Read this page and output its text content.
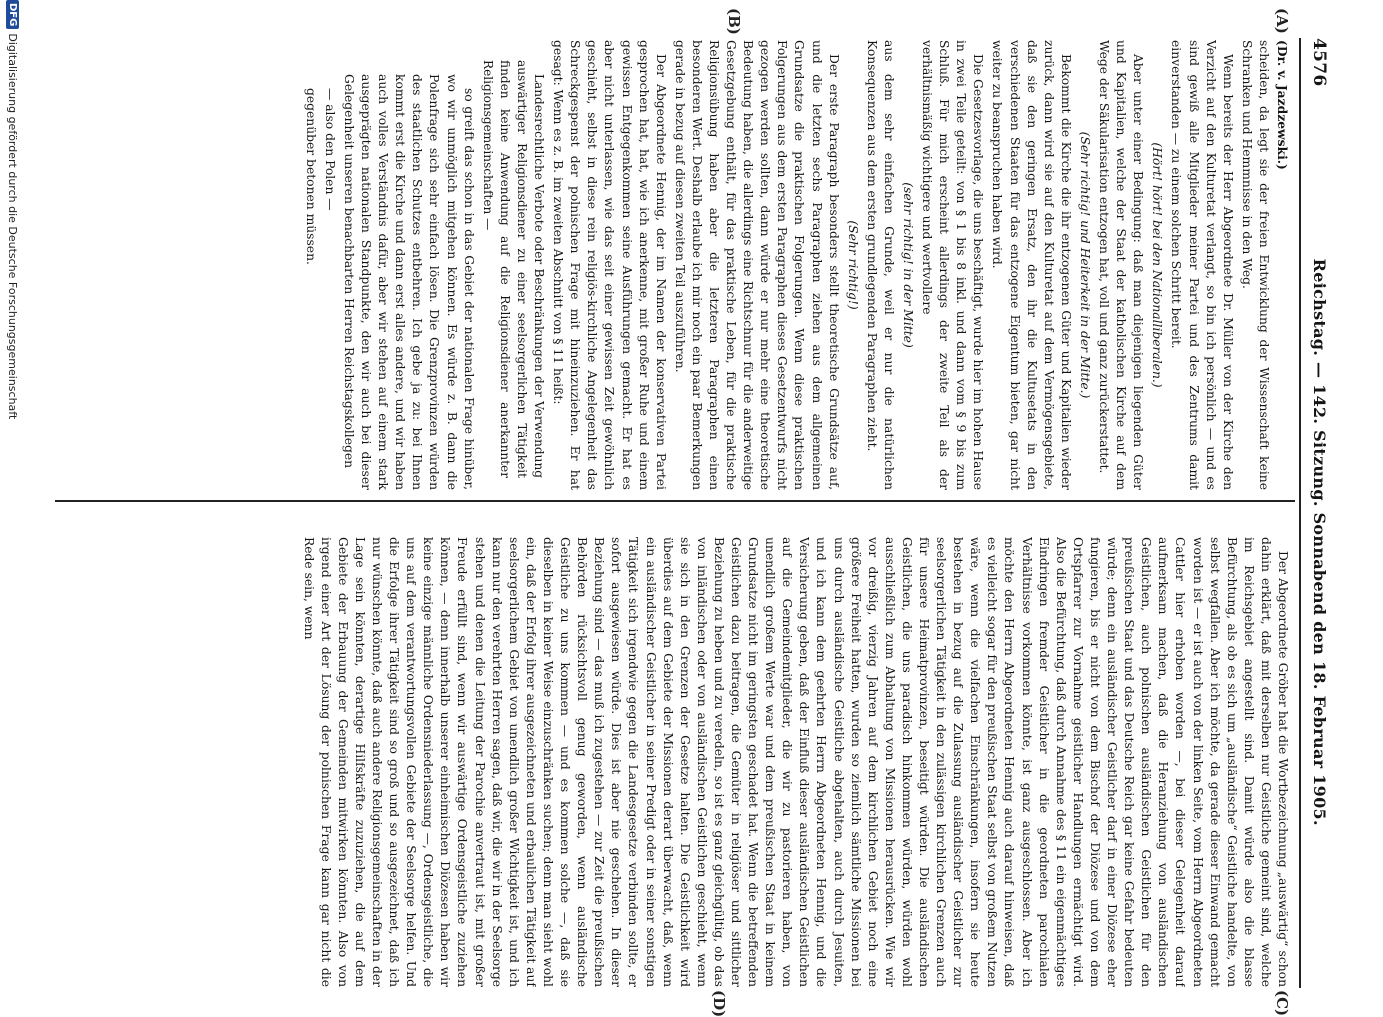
4576
Reichstag. — 142. Sitzung. Sonnabend den 18. Februar 1905.
(A)
(B)
(C)
(D)

(Dr. v. Jazdzewski.)

scheiden, da legt sie der freien Entwicklung der Wissenschaft keine Schranken und Hemmnisse in den Weg.

Wenn bereits der Herr Abgeordnete Dr. Müller von der Kirche den Verzicht auf den Kulturetat verlangt, so bin ich persönlich — und es sind gewiß alle Mitglieder meiner Partei und des Zentrums damit einverstanden — zu einem solchen Schritt bereit.

(Hört! hört! bei den Nationalliberalen.)

Aber unter einer Bedingung: daß man diejenigen liegenden Güter und Kapitalien, welche der Staat der katholischen Kirche auf dem Wege der Säkularisation entzogen hat, voll und ganz zurückerstattet.

(Sehr richtig! und Heiterkeit in der Mitte.)

Bekommt die Kirche die ihr entzogenen Güter und Kapitalien wieder zurück, dann wird sie auf den Kulturetat auf dem Vermögensgebiete, daß sie den geringen Ersatz, den ihr die Kultusetats in den verschiedenen Staaten für das entzogene Eigentum bieten, gar nicht weiter zu beanspruchen haben wird.

Die Gesetzesvorlage, die uns beschäftigt, wurde hier im hohen Hause in zwei Teile geteilt: von § 1 bis 8 inkl. und dann vom § 9 bis zum Schluß. Für mich erscheint allerdings der zweite Teil als der verhältnismäßig wichtigere und wertvollere

(sehr richtig! in der Mitte)

aus dem sehr einfachen Grunde, weil er nur die natürlichen Konsequenzen aus dem ersten grundlegenden Paragraphen zieht.

(Sehr richtig!)

Der erste Paragraph besonders stellt theoretische Grundsätze auf, und die letzten sechs Paragraphen ziehen aus dem allgemeinen Grundsatze die praktischen Folgerungen. Wenn diese praktischen Folgerungen aus dem ersten Paragraphen dieses Gesetzentwurfs nicht gezogen werden sollten, dann würde er nur mehr eine theoretische Bedeutung haben, die allerdings eine Richtschnur für die anderweitige Gesetzgebung enthält, für das praktische Leben, für die praktische Religionsübung haben aber die letzteren Paragraphen einen besonderen Wert. Deshalb erlaube ich mir noch ein paar Bemerkungen gerade in bezug auf diesen zweiten Teil auszuführen.

Der Abgeordnete Hennig, der im Namen der konservativen Partei gesprochen hat, hat, wie ich anerkenne, mit großer Ruhe und einem gewissen Entgegenkommen seine Ausführungen gemacht. Er hat es aber nicht unterlassen, wie das seit einer gewissen Zeit gewöhnlich geschieht, selbst in diese rein religiös-kirchliche Angelegenheit das Schreckgespenst der polnischen Frage mit hineinzuziehen. Er hat gesagt: Wenn es z. B. im zweiten Abschnitt von § 11 heißt:

Landesrechtliche Verbote oder Beschränkungen der Verwendung auswärtiger Religionsdiener zu einer seelsorgerlichen Tätigkeit finden keine Anwendung auf die Religionsdiener anerkannter Religionsgemeinschaften —

so greift das schon in das Gebiet der nationalen Frage hinüber, wo wir unmöglich mitgehen können. Es würde z. B. dann die Polenfrage sich sehr einfach lösen. Die Grenzprovinzen würden des staatlichen Schutzes entbehren. Ich gebe ja zu: bei Ihnen kommt erst die Kirche und dann erst alles andere, und wir haben auch volles Verständnis dafür, aber wir stehen auf einem stark ausgeprägten nationalen Standpunkte, den wir auch bei dieser Gelegenheit unseren benachbarten Herren Reichstagskollegen

— also den Polen —

gegenüber betonen müssen.

Der Abgeordnete Gröber hat die Wortbezeichnung „auswärtig“ schon dahin erklärt, daß mit derselben nur Geistliche gemeint sind, welche im Reichsgebiet angestellt sind. Damit würde also die blasse Befürchtung, als ob es sich um „ausländische“ Geistliche handelte, von selbst wegfallen. Aber ich möchte, da gerade dieser Einwand gemacht worden ist — er ist auch von der linken Seite, vom Herrn Abgeordneten Cattler hier erhoben worden —, bei dieser Gelegenheit darauf aufmerksam machen, daß die Heranziehung von ausländischen Geistlichen, auch polnischen ausländischen Geistlichen für den preußischen Staat und das Deutsche Reich gar keine Gefahr bedeuten würde; denn ein ausländischer Geistlicher darf in einer Diözese eher fungieren, bis er nicht von dem Bischof der Diözese und von dem Ortspfarrer zur Vornahme geistlicher Handlungen ermächtigt wird. Also die Befürchtung, daß durch Annahme des § 11 ein eigenmächtiges Eindringen fremder Geistlicher in die geordneten parochialen Verhältnisse vorkommen könnte, ist ganz ausgeschlossen. Aber ich möchte den Herrn Abgeordneten Hennig auch darauf hinweisen, daß es vielleicht sogar für den preußischen Staat selbst von großem Nutzen wäre, wenn die vielfachen Einschränkungen, insofern sie heute bestehen in bezug auf die Zulassung ausländischer Geistlicher zur seelsorgerlichen Tätigkeit in den zulässigen kirchlichen Grenzen auch für unsere Heimatprovinzen, beseitigt würden. Die ausländischen Geistlichen, die uns paradisch hinkommen würden, würden wohl ausschließlich zum Abhaltung von Missionen herausrücken. Wie wir vor dreißig, vierzig Jahren auf dem kirchlichen Gebiet noch eine größere Freiheit hatten, wurden so ziemlich sämtliche Missionen bei uns durch ausländische Geistliche abgehalten, auch durch Jesuiten, und ich kann dem geehrten Herrn Abgeordneten Hennig, und die Versicherung geben, daß der Einfluß dieser ausländischen Geistlichen auf die Gemeindemitglieder, die wir zu pastorieren haben, von unendlich großem Werte war und dem preußischen Staat in keinem Grundsatze nicht im geringsten geschadet hat. Wenn die betreffenden Geistlichen dazu beitragen, die Gemüter in religiöser und sittlicher Beziehung zu heben und zu veredeln, so ist es ganz gleichgültig, ob das von inländischen oder von ausländischen Geistlichen geschieht, wenn sie sich in den Grenzen der Gesetze halten. Die Geistlichkeit wird überdies auf dem Gebiete der Missionen derart überwacht, daß, wenn ein ausländischer Geistlicher in seiner Predigt oder in seiner sonstigen Tätigkeit sich irgendwie gegen die Landesgesetze verbinden sollte, er sofort ausgewiesen würde. Dies ist aber nie geschehen. In dieser Beziehung sind — das muß ich zugestehen — zur Zeit die preußischen Behörden rücksichtsvoll genug geworden, wenn ausländische Geistliche zu uns kommen — und es kommen solche —, daß sie dieselben in keiner Weise einzuschränken suchen; denn man sieht wohl ein, daß der Erfolg ihrer ausgezeichneten und erbaulichen Tätigkeit auf seelsorgerlichem Gebiet von unendlich großer Wichtigkeit ist, und ich kann nur den verehrten Herren sagen, daß wir, die wir in der Seelsorge stehen und denen die Leitung der Parochie anvertraut ist, mit großer Freude erfüllt sind, wenn wir auswärtige Ordensgeistliche zuziehen können, — denn innerhalb unserer einheimischen Diözesen haben wir keine einzige männliche Ordensniederlassung —, Ordensgeistliche, die uns auf dem verantwortungsvollen Gebiete der Seelsorge helfen. Und die Erfolge ihrer Tätigkeit sind so groß und so ausgezeichnet, daß ich nur wünschen könnte, daß auch andere Religionsgemeinschaften in der Lage sein könnten, derartige Hilfskräfte zuzuziehen, die auf dem Gebiete der Erbauung der Gemeinden mitwirken könnten. Also von irgend einer Art der Lösung der polnischen Frage kann gar nicht die Rede sein, wenn

DFG
Digitalisierung gefördert durch die Deutsche Forschungsgemeinschaft
